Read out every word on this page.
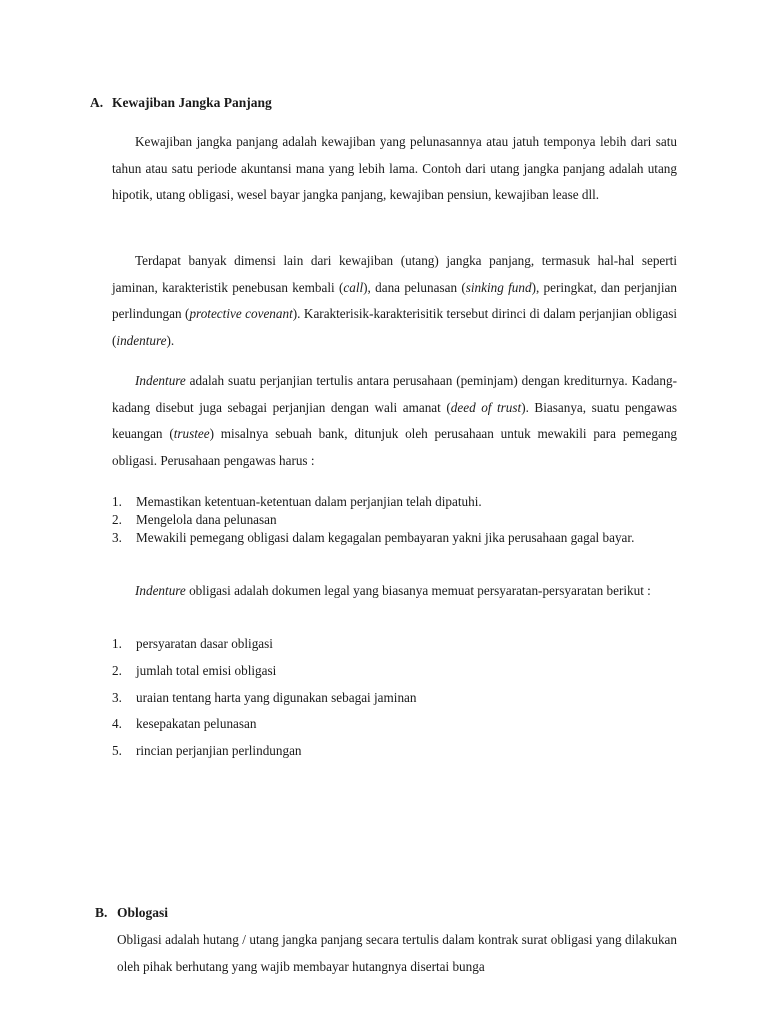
A. Kewajiban Jangka Panjang

Kewajiban jangka panjang adalah kewajiban yang pelunasannya atau jatuh temponya lebih dari satu tahun atau satu periode akuntansi mana yang lebih lama. Contoh dari utang jangka panjang adalah utang hipotik, utang obligasi, wesel bayar jangka panjang, kewajiban pensiun, kewajiban lease dll.

Terdapat banyak dimensi lain dari kewajiban (utang) jangka panjang, termasuk hal-hal seperti jaminan, karakteristik penebusan kembali (call), dana pelunasan (sinking fund), peringkat, dan perjanjian perlindungan (protective covenant). Karakterisik-karakterisitik tersebut dirinci di dalam perjanjian obligasi (indenture).

Indenture adalah suatu perjanjian tertulis antara perusahaan (peminjam) dengan krediturnya. Kadang-kadang disebut juga sebagai perjanjian dengan wali amanat (deed of trust). Biasanya, suatu pengawas keuangan (trustee) misalnya sebuah bank, ditunjuk oleh perusahaan untuk mewakili para pemegang obligasi. Perusahaan pengawas harus :

1. Memastikan ketentuan-ketentuan dalam perjanjian telah dipatuhi.
2. Mengelola dana pelunasan
3. Mewakili pemegang obligasi dalam kegagalan pembayaran yakni jika perusahaan gagal bayar.

Indenture obligasi adalah dokumen legal yang biasanya memuat persyaratan-persyaratan berikut :

1. persyaratan dasar obligasi
2. jumlah total emisi obligasi
3. uraian tentang harta yang digunakan sebagai jaminan
4. kesepakatan pelunasan
5. rincian perjanjian perlindungan
B. Oblogasi

Obligasi adalah hutang / utang jangka panjang secara tertulis dalam kontrak surat obligasi yang dilakukan oleh pihak berhutang yang wajib membayar hutangnya disertai bunga
